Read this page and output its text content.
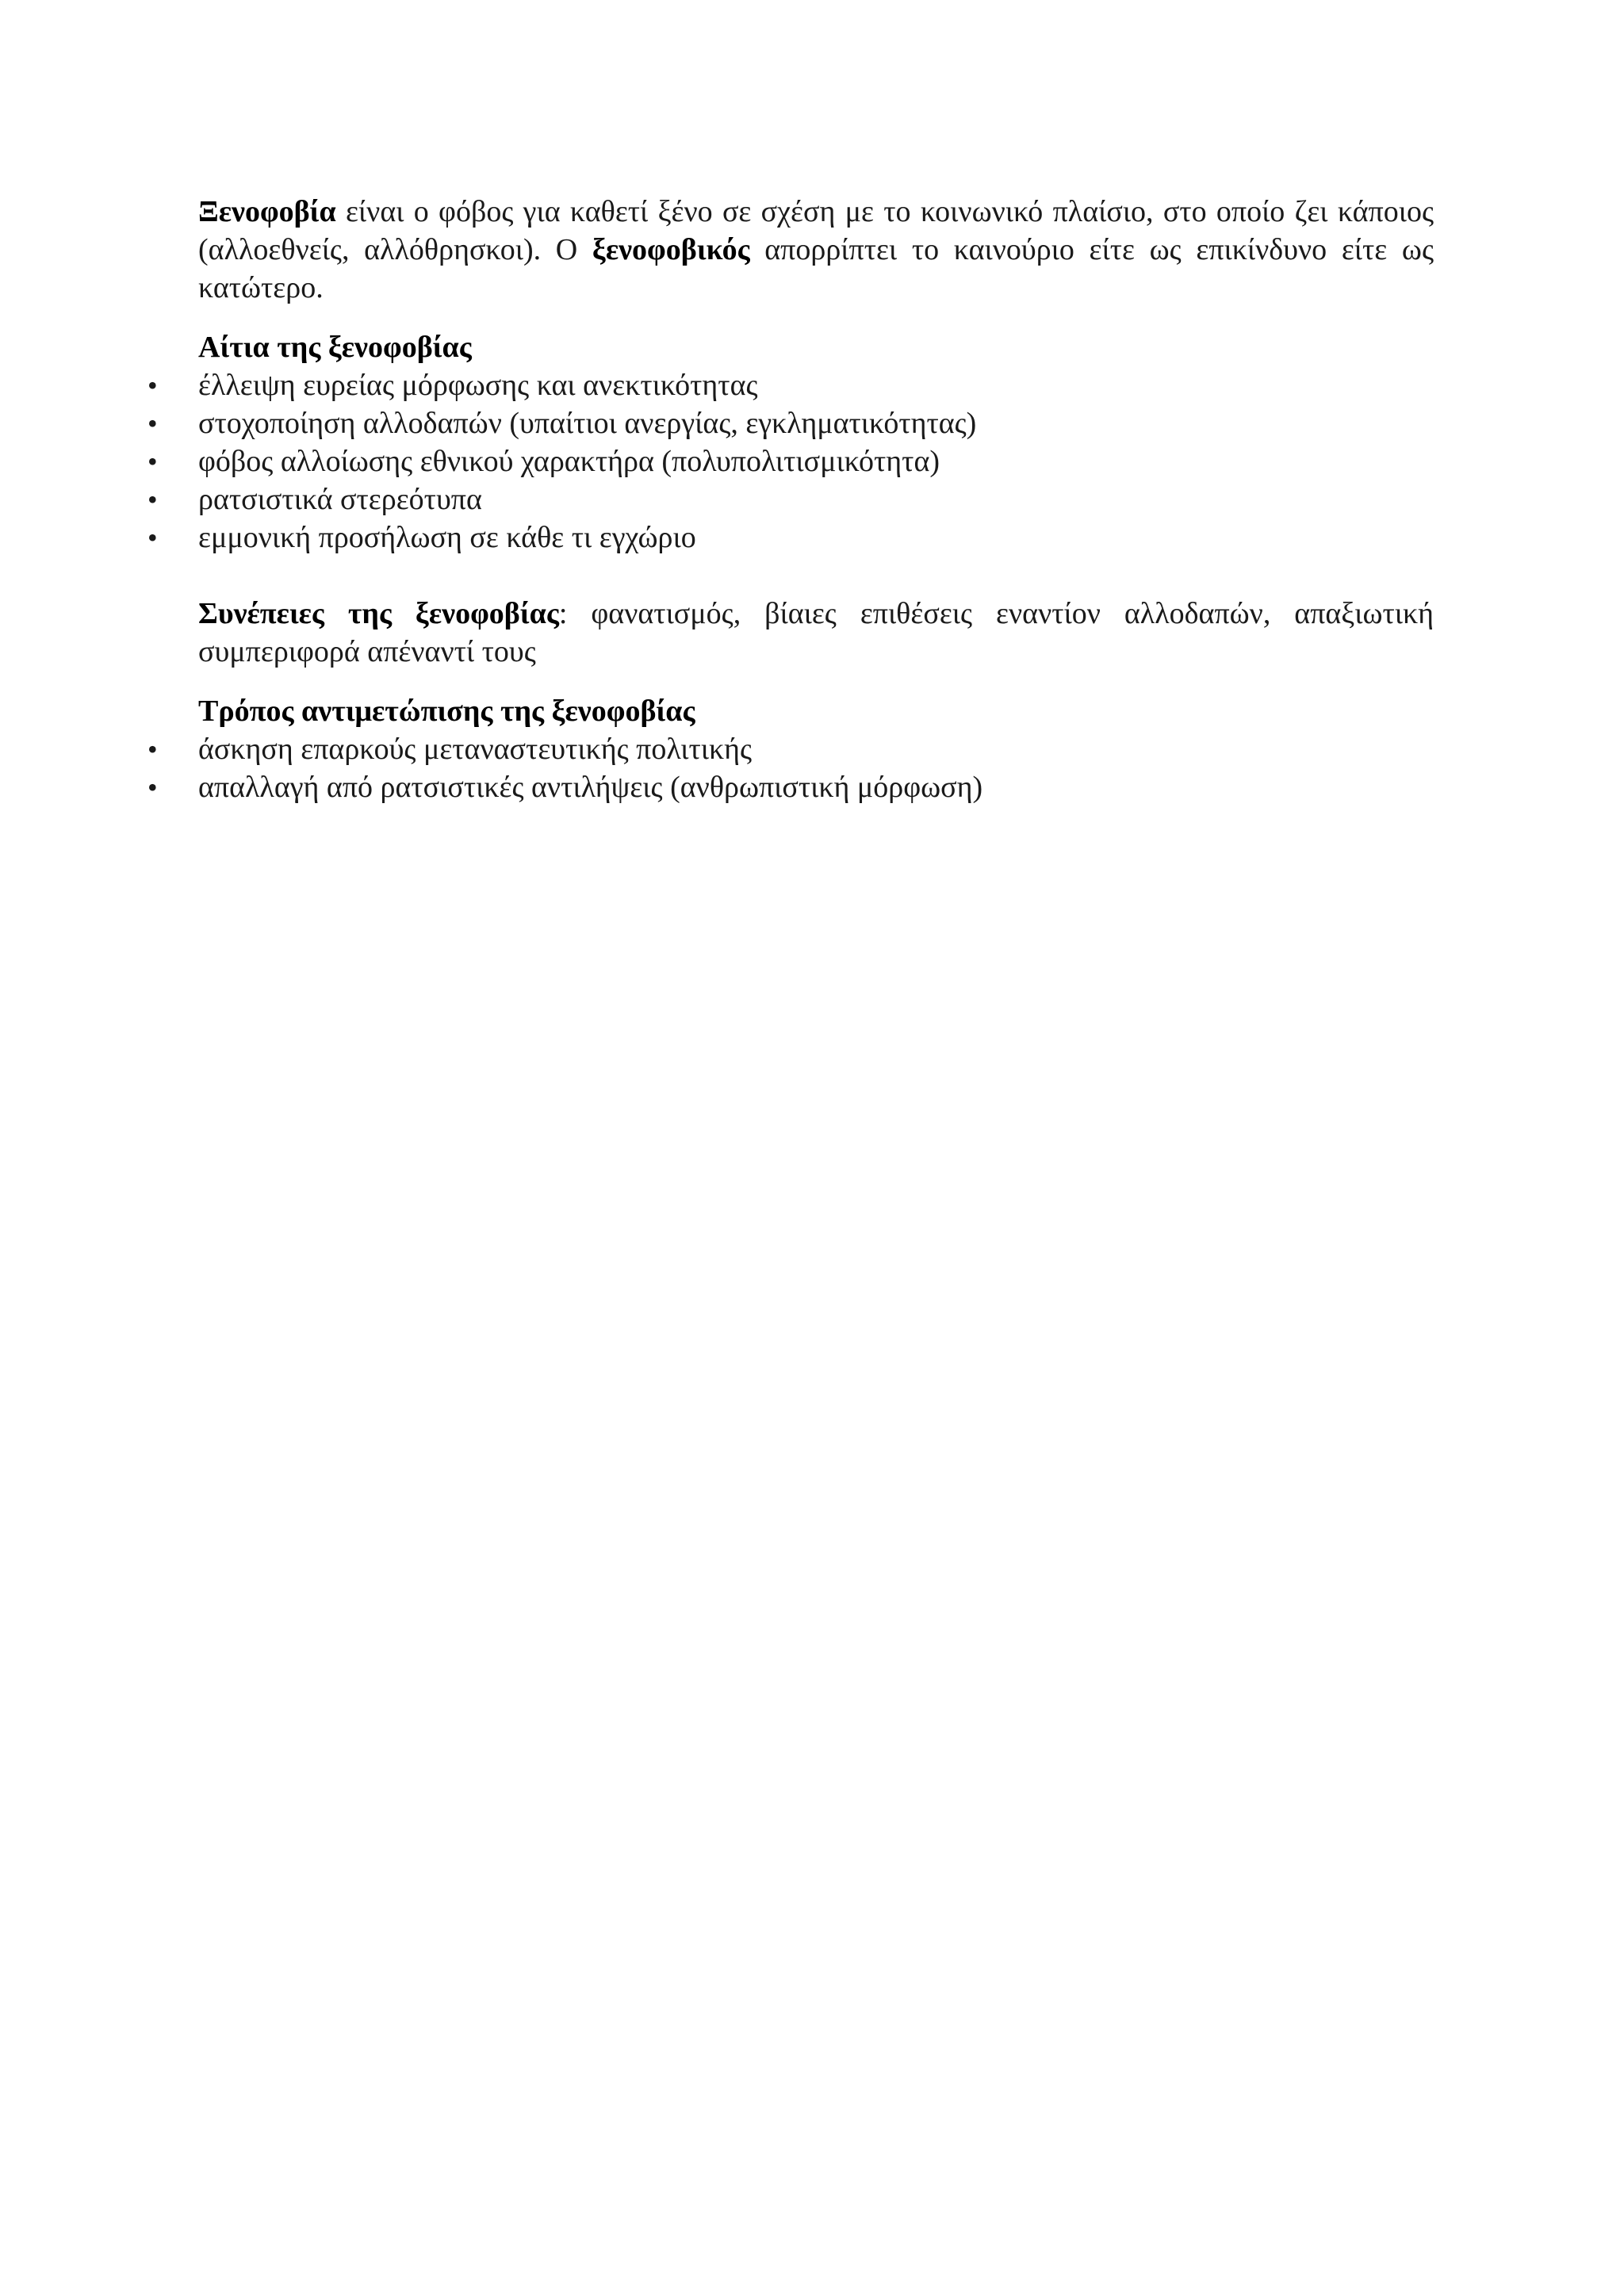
Ξενοφοβία είναι ο φόβος για καθετί ξένο σε σχέση με το κοινωνικό πλαίσιο, στο οποίο ζει κάποιος (αλλοεθνείς, αλλόθρησκοι). Ο ξενοφοβικός απορρίπτει το καινούριο είτε ως επικίνδυνο είτε ως κατώτερο.

Αίτια της ξενοφοβίας

• έλλειψη ευρείας μόρφωσης και ανεκτικότητας
• στοχοποίηση αλλοδαπών (υπαίτιοι ανεργίας, εγκληματικότητας)
• φόβος αλλοίωσης εθνικού χαρακτήρα (πολυπολιτισμικότητα)
• ρατσιστικά στερεότυπα
• εμμονική προσήλωση σε κάθε τι εγχώριο

Συνέπειες της ξενοφοβίας: φανατισμός, βίαιες επιθέσεις εναντίον αλλοδαπών, απαξιωτική συμπεριφορά απέναντί τους

Τρόπος αντιμετώπισης της ξενοφοβίας

• άσκηση επαρκούς μεταναστευτικής πολιτικής
• απαλλαγή από ρατσιστικές αντιλήψεις (ανθρωπιστική μόρφωση)
